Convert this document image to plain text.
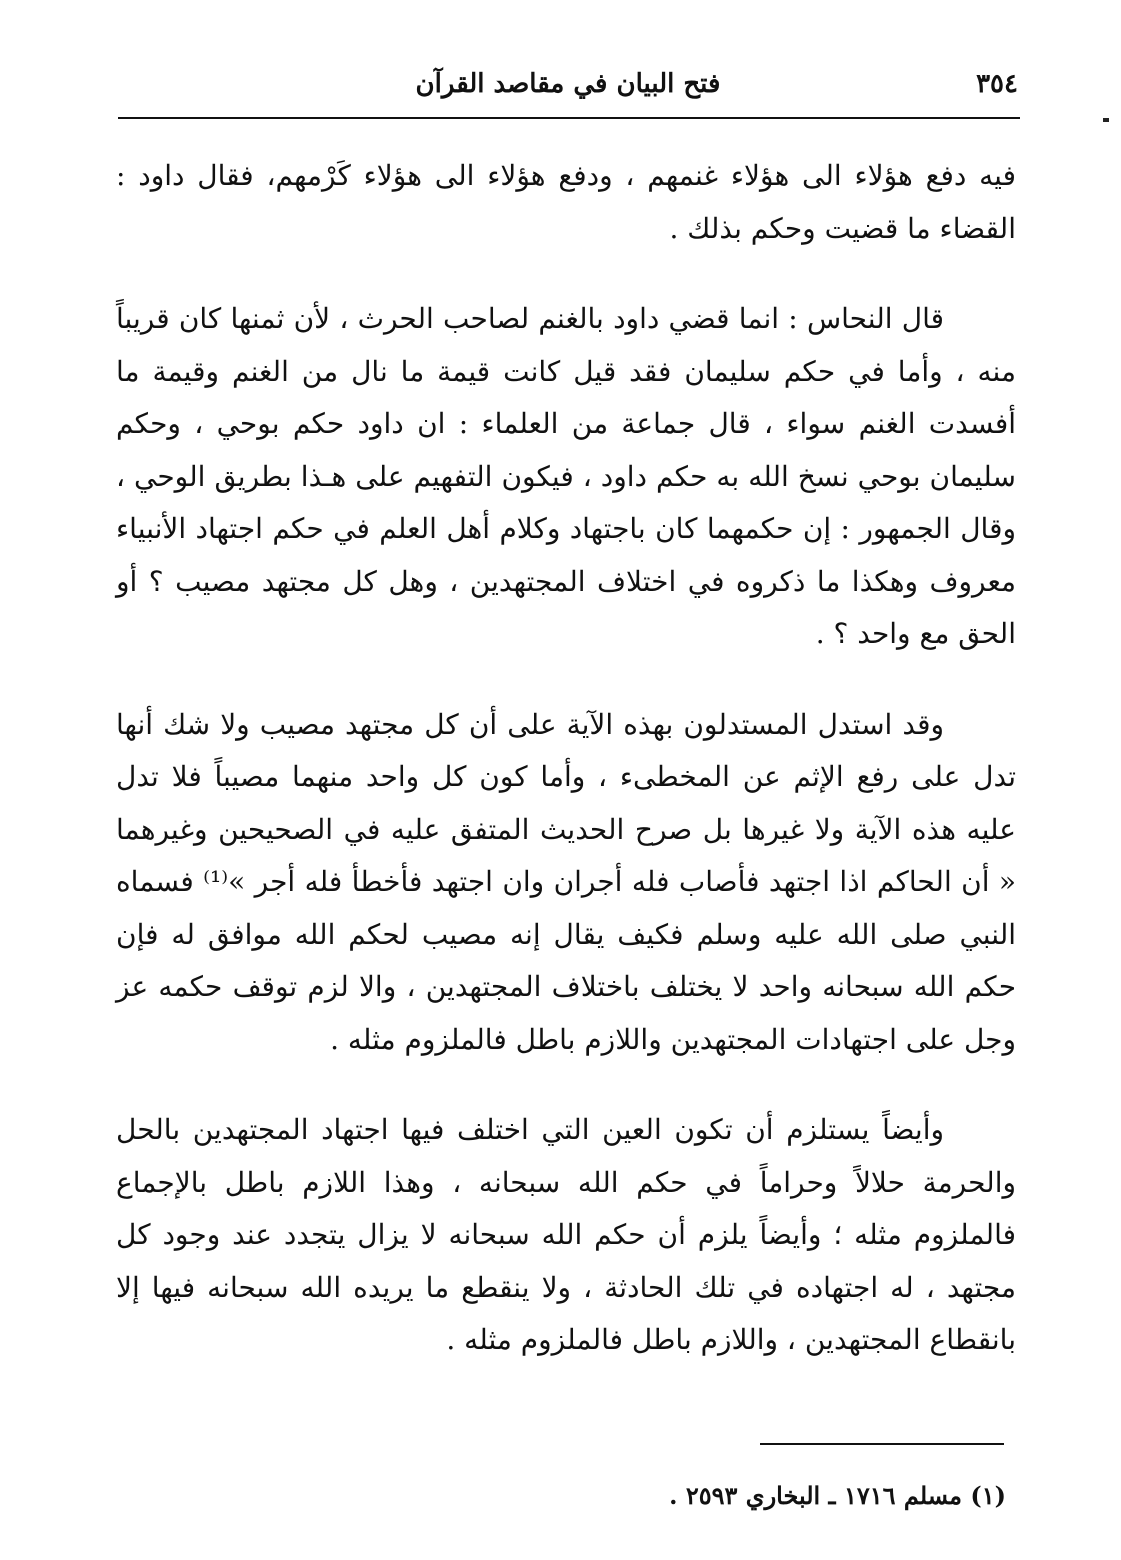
٣٥٤
فتح البيان في مقاصد القرآن

فيه دفع هؤلاء الى هؤلاء غنمهم ، ودفع هؤلاء الى هؤلاء كَرْمهم، فقال داود : القضاء ما قضيت وحكم بذلك .

قال النحاس : انما قضي داود بالغنم لصاحب الحرث ، لأن ثمنها كان قريباً منه ، وأما في حكم سليمان فقد قيل كانت قيمة ما نال من الغنم وقيمة ما أفسدت الغنم سواء ، قال جماعة من العلماء : ان داود حكم بوحي ، وحكم سليمان بوحي نسخ الله به حكم داود ، فيكون التفهيم على هـذا بطريق الوحي ، وقال الجمهور : إن حكمهما كان باجتهاد وكلام أهل العلم في حكم اجتهاد الأنبياء معروف وهكذا ما ذكروه في اختلاف المجتهدين ، وهل كل مجتهد مصيب ؟ أو الحق مع واحد ؟ .

وقد استدل المستدلون بهذه الآية على أن كل مجتهد مصيب ولا شك أنها تدل على رفع الإثم عن المخطىء ، وأما كون كل واحد منهما مصيباً فلا تدل عليه هذه الآية ولا غيرها بل صرح الحديث المتفق عليه في الصحيحين وغيرهما « أن الحاكم اذا اجتهد فأصاب فله أجران وان اجتهد فأخطأ فله أجر »⁽¹⁾ فسماه النبي صلى الله عليه وسلم فكيف يقال إنه مصيب لحكم الله موافق له فإن حكم الله سبحانه واحد لا يختلف باختلاف المجتهدين ، والا لزم توقف حكمه عز وجل على اجتهادات المجتهدين واللازم باطل فالملزوم مثله .

وأيضاً يستلزم أن تكون العين التي اختلف فيها اجتهاد المجتهدين بالحل والحرمة حلالاً وحراماً في حكم الله سبحانه ، وهذا اللازم باطل بالإجماع فالملزوم مثله ؛ وأيضاً يلزم أن حكم الله سبحانه لا يزال يتجدد عند وجود كل مجتهد ، له اجتهاده في تلك الحادثة ، ولا ينقطع ما يريده الله سبحانه فيها إلا بانقطاع المجتهدين ، واللازم باطل فالملزوم مثله .

(١) مسلم ١٧١٦ ـ البخاري ٢٥٩٣ .
